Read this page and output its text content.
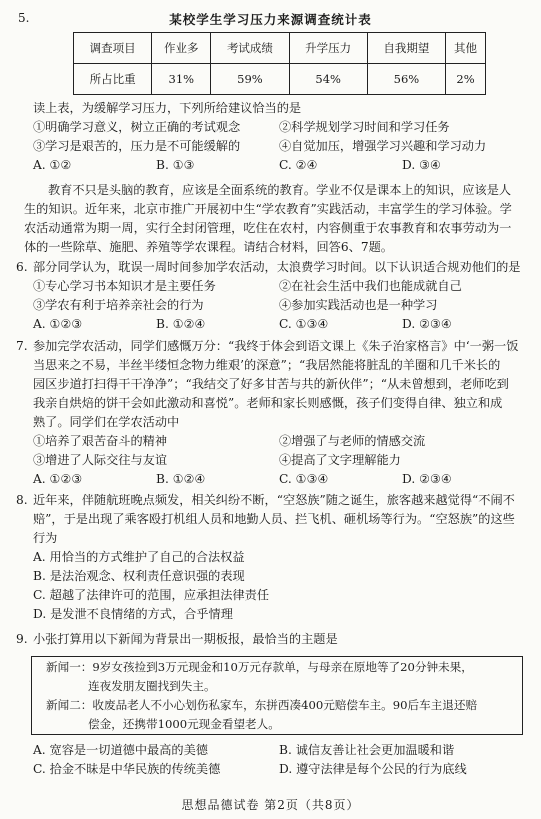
5.	某校学生学习压力来源调查统计表
调查项目	作业多	考试成绩	升学压力	自我期望	其他
所占比重	31%	59%	54%	56%	2%
读上表，为缓解学习压力，下列所给建议恰当的是
①明确学习意义，树立正确的考试观念	②科学规划学习时间和学习任务
③学习是艰苦的，压力是不可能缓解的	④自觉加压，增强学习兴趣和学习动力
A. ①②	B. ①③	C. ②④	D. ③④
教育不只是头脑的教育，应该是全面系统的教育。学业不仅是课本上的知识，应该是人
生的知识。近年来，北京市推广开展初中生“学农教育”实践活动，丰富学生的学习体验。学
农活动通常为期一周，实行全封闭管理，吃住在农村，内容侧重于农事教育和农事劳动为一
体的一些除草、施肥、养殖等学农课程。请结合材料，回答6、7题。
6. 部分同学认为，耽误一周时间参加学农活动，太浪费学习时间。以下认识适合规劝他们的是
①专心学习书本知识才是主要任务	②在社会生活中我们也能成就自己
③学农有利于培养亲社会的行为	④参加实践活动也是一种学习
A. ①②③	B. ①②④	C. ①③④	D. ②③④
7. 参加完学农活动，同学们感慨万分：“我终于体会到语文课上《朱子治家格言》中‘一粥一饭
当思来之不易，半丝半缕恒念物力维艰’的深意”；“我居然能将脏乱的羊圈和几千米长的
园区步道打扫得干干净净”；“我结交了好多甘苦与共的新伙伴”；“从未曾想到，老师吃到
我亲自烘焙的饼干会如此激动和喜悦”。老师和家长则感慨，孩子们变得自律、独立和成
熟了。同学们在学农活动中
①培养了艰苦奋斗的精神	②增强了与老师的情感交流
③增进了人际交往与友谊	④提高了文字理解能力
A. ①②③	B. ①②④	C. ①③④	D. ②③④
8. 近年来，伴随航班晚点频发，相关纠纷不断，“空怒族”随之诞生，旅客越来越觉得“不闹不
赔”，于是出现了乘客殴打机组人员和地勤人员、拦飞机、砸机场等行为。“空怒族”的这些
行为
A. 用恰当的方式维护了自己的合法权益
B. 是法治观念、权利责任意识强的表现
C. 超越了法律许可的范围，应承担法律责任
D. 是发泄不良情绪的方式，合乎情理
9. 小张打算用以下新闻为背景出一期板报，最恰当的主题是
新闻一：9岁女孩捡到3万元现金和10万元存款单，与母亲在原地等了20分钟未果，
连夜发朋友圈找到失主。
新闻二：收废品老人不小心划伤私家车，东拼西凑400元赔偿车主。90后车主退还赔
偿金，还携带1000元现金看望老人。
A. 宽容是一切道德中最高的美德	B. 诚信友善让社会更加温暖和谐
C. 拾金不昧是中华民族的传统美德	D. 遵守法律是每个公民的行为底线
思想品德试卷 第2页（共8页）
